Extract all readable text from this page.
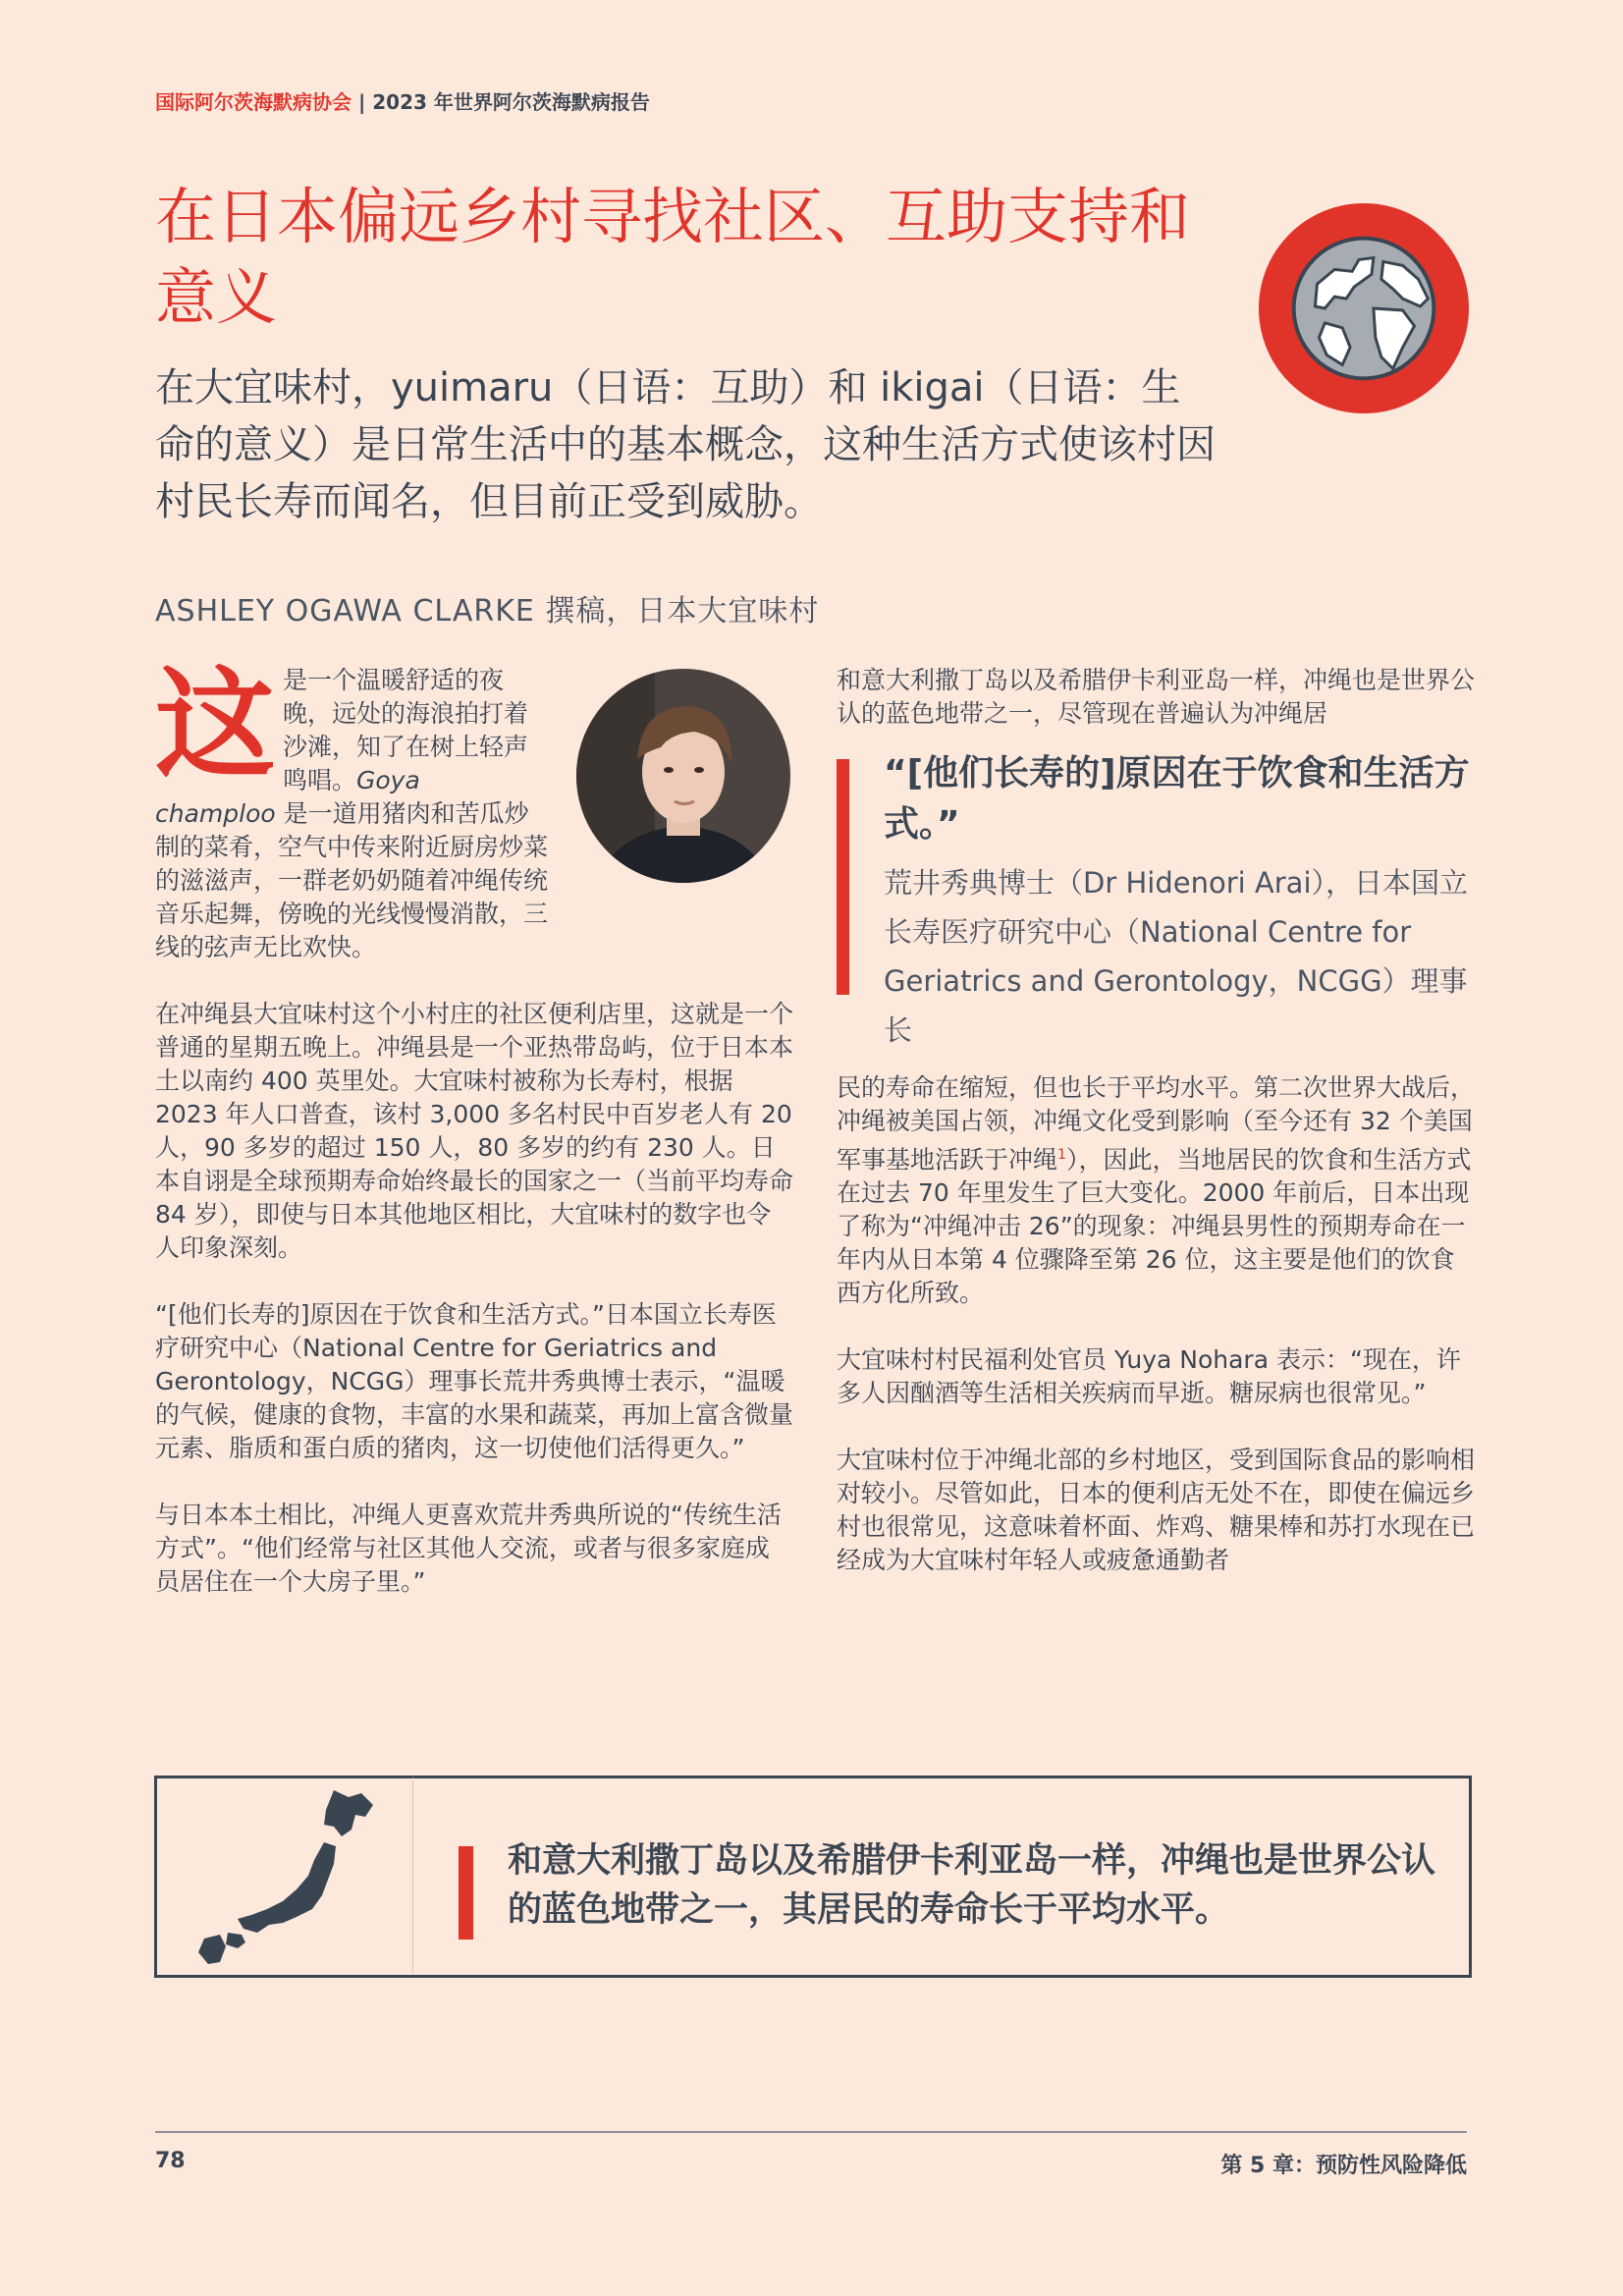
国际阿尔茨海默病协会 | 2023 年世界阿尔茨海默病报告
在日本偏远乡村寻找社区、互助支持和意义

在大宜味村，yuimaru（日语：互助）和 ikigai（日语：生命的意义）是日常生活中的基本概念，这种生活方式使该村因村民长寿而闻名，但目前正受到威胁。

ASHLEY OGAWA CLARKE 撰稿，日本大宜味村

这是一个温暖舒适的夜晚，远处的海浪拍打着沙滩，知了在树上轻声鸣唱。Goya champloo 是一道用猪肉和苦瓜炒制的菜肴，空气中传来附近厨房炒菜的滋滋声，一群老奶奶随着冲绳传统音乐起舞，傍晚的光线慢慢消散，三线的弦声无比欢快。

在冲绳县大宜味村这个小村庄的社区便利店里，这就是一个普通的星期五晚上。冲绳县是一个亚热带岛屿，位于日本本土以南约 400 英里处。大宜味村被称为长寿村，根据 2023 年人口普查，该村 3,000 多名村民中百岁老人有 20 人，90 多岁的超过 150 人，80 多岁的约有 230 人。日本自诩是全球预期寿命始终最长的国家之一（当前平均寿命 84 岁），即使与日本其他地区相比，大宜味村的数字也令人印象深刻。

“[他们长寿的]原因在于饮食和生活方式。”日本国立长寿医疗研究中心（National Centre for Geriatrics and Gerontology，NCGG）理事长荒井秀典博士表示，“温暖的气候，健康的食物，丰富的水果和蔬菜，再加上富含微量元素、脂质和蛋白质的猪肉，这一切使他们活得更久。”

与日本本土相比，冲绳人更喜欢荒井秀典所说的“传统生活方式”。“他们经常与社区其他人交流，或者与很多家庭成员居住在一个大房子里。”

和意大利撒丁岛以及希腊伊卡利亚岛一样，冲绳也是世界公认的蓝色地带之一，尽管现在普遍认为冲绳居

“[他们长寿的]原因在于饮食和生活方式。”

荒井秀典博士（Dr Hidenori Arai），日本国立长寿医疗研究中心（National Centre for Geriatrics and Gerontology，NCGG）理事长

民的寿命在缩短，但也长于平均水平。第二次世界大战后，冲绳被美国占领，冲绳文化受到影响（至今还有 32 个美国军事基地活跃于冲绳$^1$），因此，当地居民的饮食和生活方式在过去 70 年里发生了巨大变化。2000 年前后，日本出现了称为“冲绳冲击 26”的现象：冲绳县男性的预期寿命在一年内从日本第 4 位骤降至第 26 位，这主要是他们的饮食西方化所致。

大宜味村村民福利处官员 Yuya Nohara 表示：“现在，许多人因酗酒等生活相关疾病而早逝。糖尿病也很常见。”

大宜味村位于冲绳北部的乡村地区，受到国际食品的影响相对较小。尽管如此，日本的便利店无处不在，即使在偏远乡村也很常见，这意味着杯面、炸鸡、糖果棒和苏打水现在已经成为大宜味村年轻人或疲惫通勤者

和意大利撒丁岛以及希腊伊卡利亚岛一样，冲绳也是世界公认的蓝色地带之一，其居民的寿命长于平均水平。

78	第 5 章：预防性风险降低
